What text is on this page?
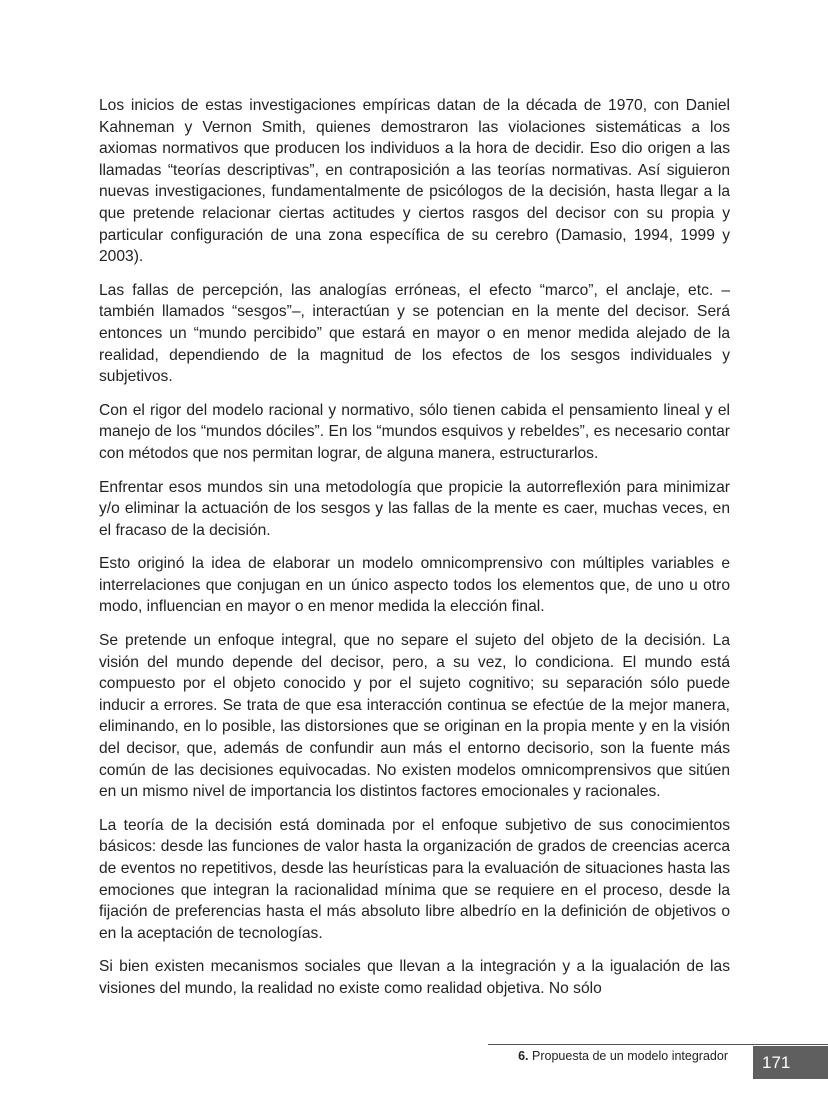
Los inicios de estas investigaciones empíricas datan de la década de 1970, con Daniel Kahneman y Vernon Smith, quienes demostraron las violaciones sistemáticas a los axiomas normativos que producen los individuos a la hora de decidir. Eso dio origen a las llamadas “teorías descriptivas”, en contraposición a las teorías normativas. Así siguieron nuevas investigaciones, fundamentalmente de psicólogos de la decisión, hasta llegar a la que pretende relacionar ciertas actitudes y ciertos rasgos del decisor con su propia y particular configuración de una zona específica de su cerebro (Damasio, 1994, 1999 y 2003).

Las fallas de percepción, las analogías erróneas, el efecto “marco”, el anclaje, etc. –también llamados “sesgos”–, interactúan y se potencian en la mente del decisor. Será entonces un “mundo percibido” que estará en mayor o en menor medida alejado de la realidad, dependiendo de la magnitud de los efectos de los sesgos individuales y subjetivos.

Con el rigor del modelo racional y normativo, sólo tienen cabida el pensamiento lineal y el manejo de los “mundos dóciles”. En los “mundos esquivos y rebeldes”, es necesario contar con métodos que nos permitan lograr, de alguna manera, estructurarlos.

Enfrentar esos mundos sin una metodología que propicie la autorreflexión para minimizar y/o eliminar la actuación de los sesgos y las fallas de la mente es caer, muchas veces, en el fracaso de la decisión.

Esto originó la idea de elaborar un modelo omnicomprensivo con múltiples variables e interrelaciones que conjugan en un único aspecto todos los elementos que, de uno u otro modo, influencian en mayor o en menor medida la elección final.

Se pretende un enfoque integral, que no separe el sujeto del objeto de la decisión. La visión del mundo depende del decisor, pero, a su vez, lo condiciona. El mundo está compuesto por el objeto conocido y por el sujeto cognitivo; su separación sólo puede inducir a errores. Se trata de que esa interacción continua se efectúe de la mejor manera, eliminando, en lo posible, las distorsiones que se originan en la propia mente y en la visión del decisor, que, además de confundir aun más el entorno decisorio, son la fuente más común de las decisiones equivocadas. No existen modelos omnicomprensivos que sitúen en un mismo nivel de importancia los distintos factores emocionales y racionales.

La teoría de la decisión está dominada por el enfoque subjetivo de sus conocimientos básicos: desde las funciones de valor hasta la organización de grados de creencias acerca de eventos no repetitivos, desde las heurísticas para la evaluación de situaciones hasta las emociones que integran la racionalidad mínima que se requiere en el proceso, desde la fijación de preferencias hasta el más absoluto libre albedrío en la definición de objetivos o en la aceptación de tecnologías.

Si bien existen mecanismos sociales que llevan a la integración y a la igualación de las visiones del mundo, la realidad no existe como realidad objetiva. No sólo

6. Propuesta de un modelo integrador	171
